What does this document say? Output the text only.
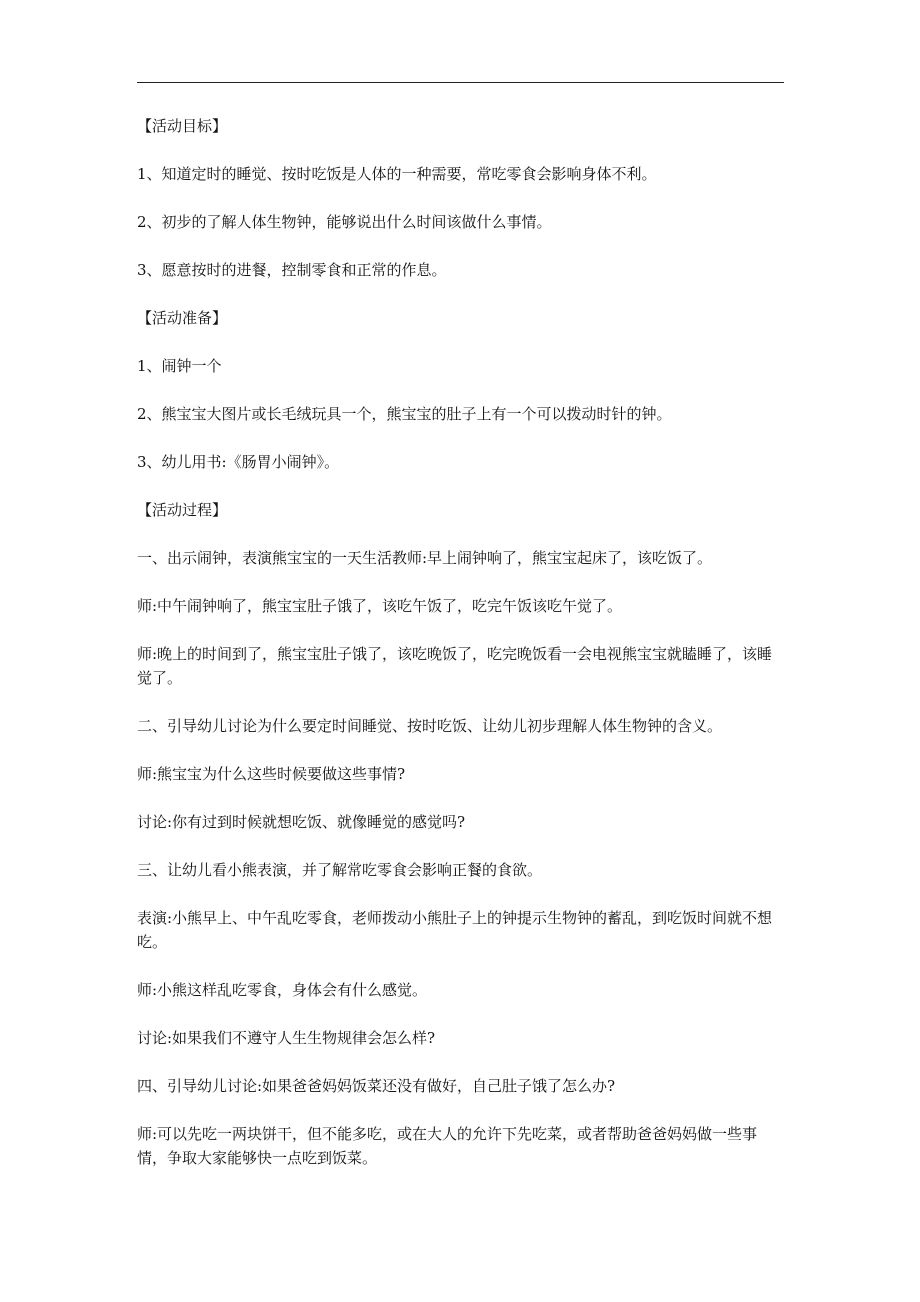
【活动目标】

1、知道定时的睡觉、按时吃饭是人体的一种需要，常吃零食会影响身体不利。

2、初步的了解人体生物钟，能够说出什么时间该做什么事情。

3、愿意按时的进餐，控制零食和正常的作息。

【活动准备】

1、闹钟一个

2、熊宝宝大图片或长毛绒玩具一个，熊宝宝的肚子上有一个可以拨动时针的钟。

3、幼儿用书:《肠胃小闹钟》。

【活动过程】

一、出示闹钟，表演熊宝宝的一天生活教师:早上闹钟响了，熊宝宝起床了，该吃饭了。

师:中午闹钟响了，熊宝宝肚子饿了，该吃午饭了，吃完午饭该吃午觉了。

师:晚上的时间到了，熊宝宝肚子饿了，该吃晚饭了，吃完晚饭看一会电视熊宝宝就瞌睡了，该睡觉了。

二、引导幼儿讨论为什么要定时间睡觉、按时吃饭、让幼儿初步理解人体生物钟的含义。

师:熊宝宝为什么这些时候要做这些事情?

讨论:你有过到时候就想吃饭、就像睡觉的感觉吗?

三、让幼儿看小熊表演，并了解常吃零食会影响正餐的食欲。

表演:小熊早上、中午乱吃零食，老师拨动小熊肚子上的钟提示生物钟的蓄乱，到吃饭时间就不想吃。

师:小熊这样乱吃零食，身体会有什么感觉。

讨论:如果我们不遵守人生生物规律会怎么样?

四、引导幼儿讨论:如果爸爸妈妈饭菜还没有做好，自己肚子饿了怎么办?

师:可以先吃一两块饼干，但不能多吃，或在大人的允许下先吃菜，或者帮助爸爸妈妈做一些事情，争取大家能够快一点吃到饭菜。
